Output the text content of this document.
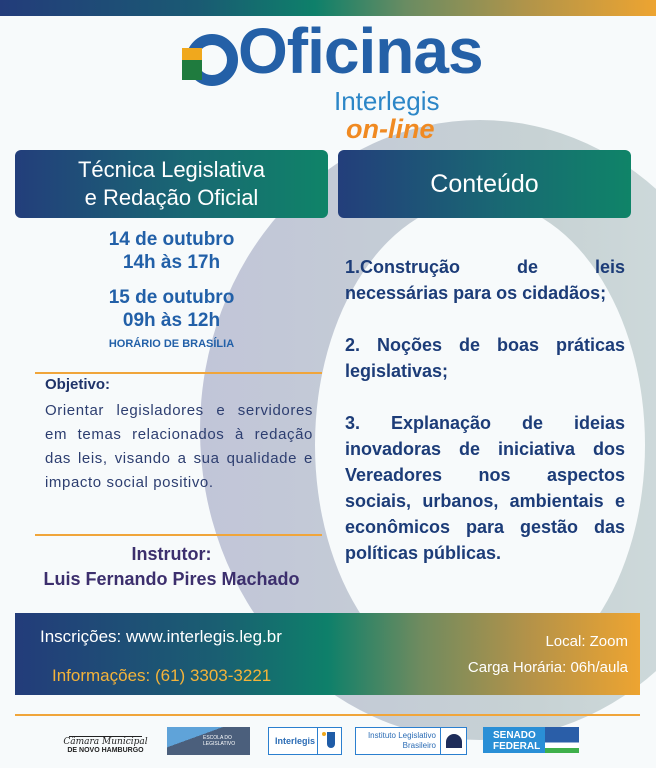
Oficinas
Interlegis
on-line
Técnica Legislativa
e Redação Oficial	Conteúdo
14 de outubro
14h às 17h
15 de outubro
09h às 12h
HORÁRIO DE BRASÍLIA
Objetivo:
Orientar legisladores e servidores em temas relacionados à redação das leis, visando a sua qualidade e impacto social positivo.
Instrutor:
Luis Fernando Pires Machado

1.Construção de leis necessárias para os cidadãos;

2. Noções de boas práticas legislativas;

3. Explanação de ideias inovadoras de iniciativa dos Vereadores nos aspectos sociais, urbanos, ambientais e econômicos para gestão das políticas públicas.

Inscrições: www.interlegis.leg.br
Informações: (61) 3303-3221
Local: Zoom
Carga Horária: 06h/aula
Câmara Municipal
DE NOVO HAMBURGO
ESCOLA DO LEGISLATIVO	Interlegis
Instituto Legislativo
Brasileiro
SENADO
FEDERAL
